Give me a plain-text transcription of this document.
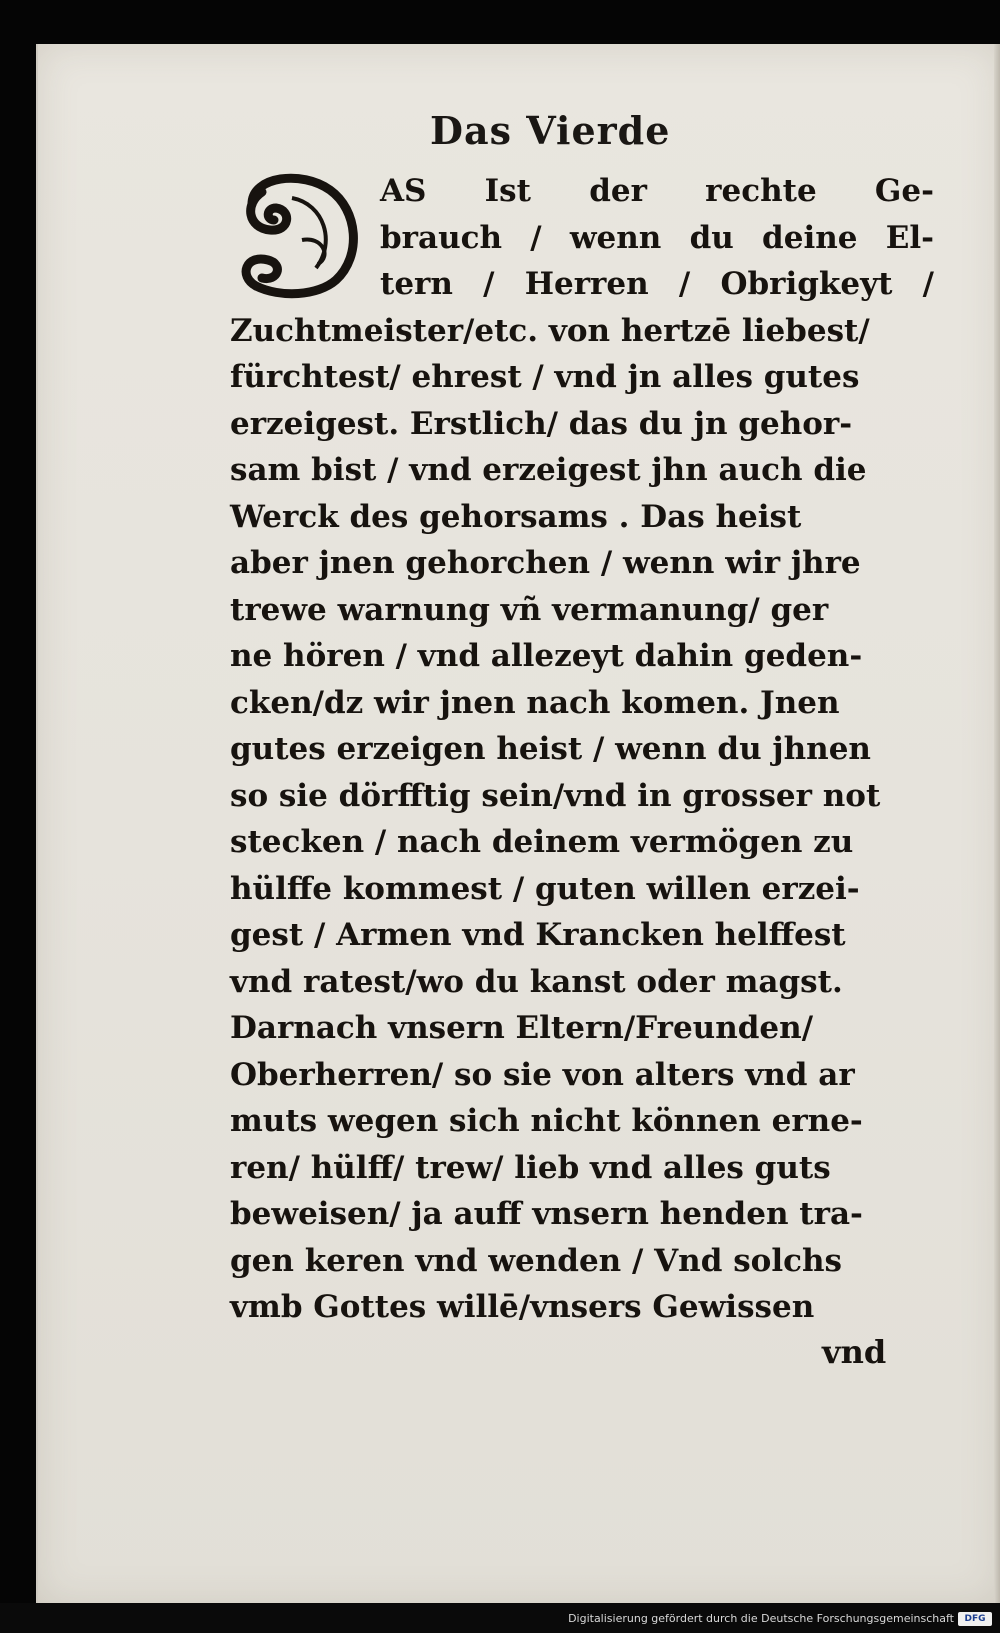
Das Vierde
AS Ist der rechte Ge-
brauch / wenn du deine El-
tern / Herren / Obrigkeyt /
Zuchtmeister/etc. von hertzē liebest/
fürchtest/ ehrest / vnd jn alles gutes
erzeigest. Erstlich/ das du jn gehor-
sam bist / vnd erzeigest jhn auch die
Werck des gehorsams . Das heist
aber jnen gehorchen / wenn wir jhre
trewe warnung vñ vermanung/ ger
ne hören / vnd allezeyt dahin geden-
cken/dz wir jnen nach komen. Jnen
gutes erzeigen heist / wenn du jhnen
so sie dörfftig sein/vnd in grosser not
stecken / nach deinem vermögen zu
hülffe kommest / guten willen erzei-
gest / Armen vnd Krancken helffest
vnd ratest/wo du kanst oder magst.
Darnach vnsern Eltern/Freunden/
Oberherren/ so sie von alters vnd ar
muts wegen sich nicht können erne-
ren/ hülff/ trew/ lieb vnd alles guts
beweisen/ ja auff vnsern henden tra-
gen keren vnd wenden / Vnd solchs
vmb Gottes willē/vnsers Gewissen
vnd
Digitalisierung gefördert durch die Deutsche Forschungsgemeinschaft	DFG
